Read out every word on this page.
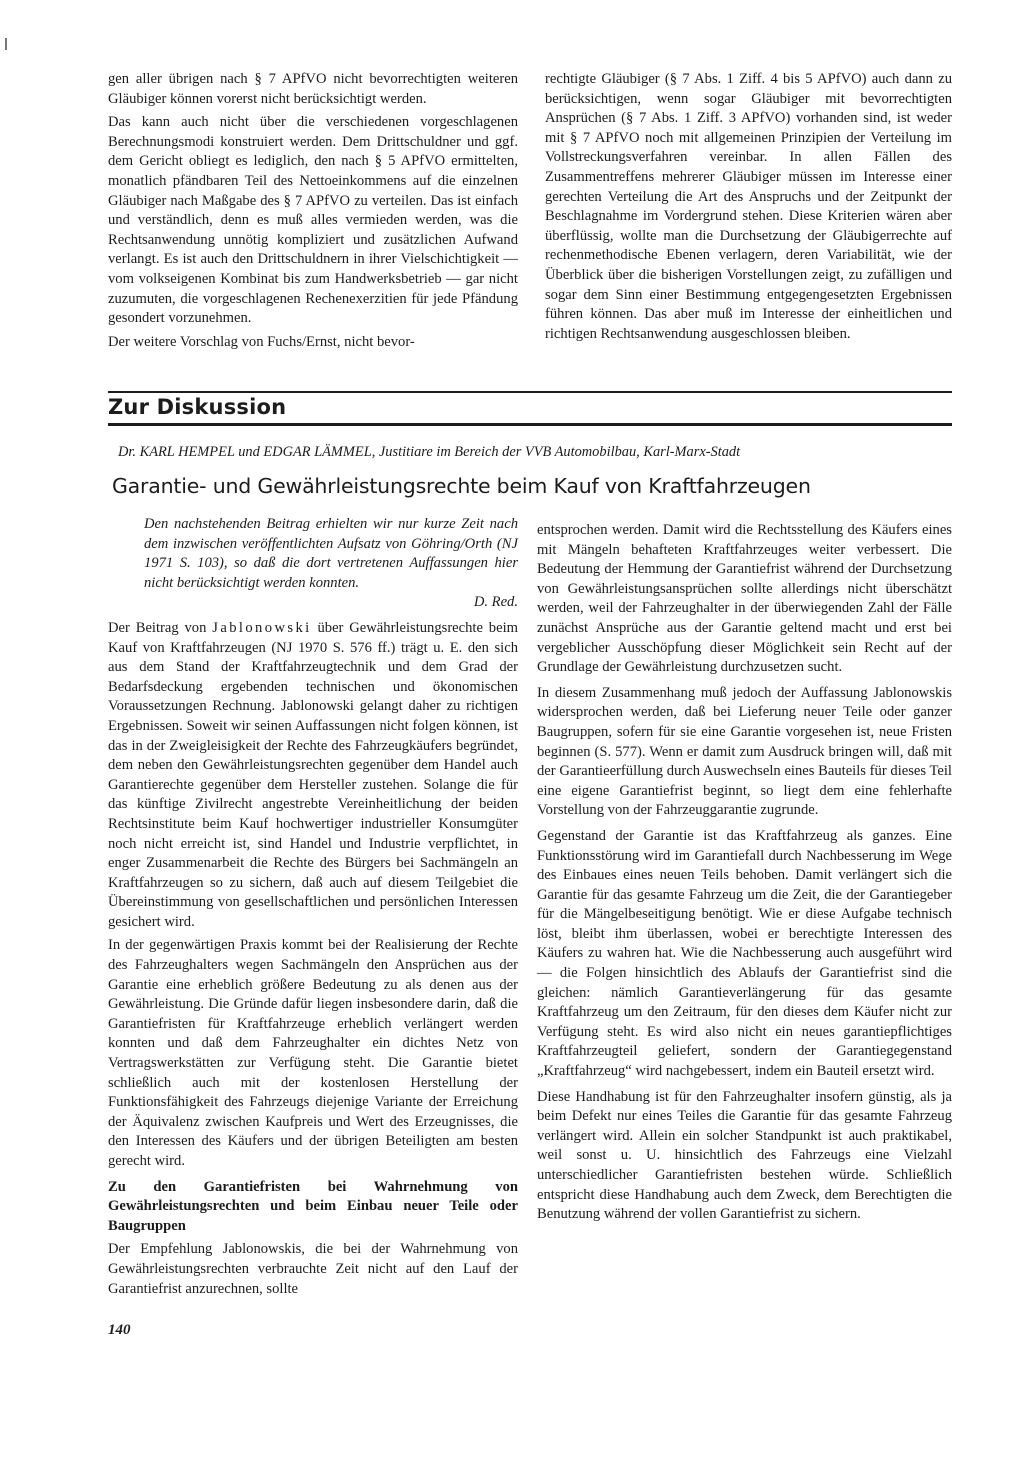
gen aller übrigen nach § 7 APfVO nicht bevorrechtigten weiteren Gläubiger können vorerst nicht berücksichtigt werden.

Das kann auch nicht über die verschiedenen vorgeschlagenen Berechnungsmodi konstruiert werden. Dem Drittschuldner und ggf. dem Gericht obliegt es lediglich, den nach § 5 APfVO ermittelten, monatlich pfändbaren Teil des Nettoeinkommens auf die einzelnen Gläubiger nach Maßgabe des § 7 APfVO zu verteilen. Das ist einfach und verständlich, denn es muß alles vermieden werden, was die Rechtsanwendung unnötig kompliziert und zusätzlichen Aufwand verlangt. Es ist auch den Drittschuldnern in ihrer Vielschichtigkeit — vom volkseigenen Kombinat bis zum Handwerksbetrieb — gar nicht zuzumuten, die vorgeschlagenen Rechenexerzitien für jede Pfändung gesondert vorzunehmen.

Der weitere Vorschlag von Fuchs/Ernst, nicht bevor-

rechtigte Gläubiger (§ 7 Abs. 1 Ziff. 4 bis 5 APfVO) auch dann zu berücksichtigen, wenn sogar Gläubiger mit bevorrechtigten Ansprüchen (§ 7 Abs. 1 Ziff. 3 APfVO) vorhanden sind, ist weder mit § 7 APfVO noch mit allgemeinen Prinzipien der Verteilung im Vollstreckungsverfahren vereinbar. In allen Fällen des Zusammentreffens mehrerer Gläubiger müssen im Interesse einer gerechten Verteilung die Art des Anspruchs und der Zeitpunkt der Beschlagnahme im Vordergrund stehen. Diese Kriterien wären aber überflüssig, wollte man die Durchsetzung der Gläubigerrechte auf rechenmethodische Ebenen verlagern, deren Variabilität, wie der Überblick über die bisherigen Vorstellungen zeigt, zu zufälligen und sogar dem Sinn einer Bestimmung entgegengesetzten Ergebnissen führen können. Das aber muß im Interesse der einheitlichen und richtigen Rechtsanwendung ausgeschlossen bleiben.

Zur Diskussion
Dr. KARL HEMPEL und EDGAR LÄMMEL, Justitiare im Bereich der VVB Automobilbau, Karl-Marx-Stadt
Garantie- und Gewährleistungsrechte beim Kauf von Kraftfahrzeugen

Den nachstehenden Beitrag erhielten wir nur kurze Zeit nach dem inzwischen veröffentlichten Aufsatz von Göhring/Orth (NJ 1971 S. 103), so daß die dort vertretenen Auffassungen hier nicht berücksichtigt werden konnten.
D. Red.

Der Beitrag von Jablonowski über Gewährleistungsrechte beim Kauf von Kraftfahrzeugen (NJ 1970 S. 576 ff.) trägt u. E. den sich aus dem Stand der Kraftfahrzeugtechnik und dem Grad der Bedarfsdeckung ergebenden technischen und ökonomischen Voraussetzungen Rechnung. Jablonowski gelangt daher zu richtigen Ergebnissen. Soweit wir seinen Auffassungen nicht folgen können, ist das in der Zweigleisigkeit der Rechte des Fahrzeugkäufers begründet, dem neben den Gewährleistungsrechten gegenüber dem Handel auch Garantierechte gegenüber dem Hersteller zustehen. Solange die für das künftige Zivilrecht angestrebte Vereinheitlichung der beiden Rechtsinstitute beim Kauf hochwertiger industrieller Konsumgüter noch nicht erreicht ist, sind Handel und Industrie verpflichtet, in enger Zusammenarbeit die Rechte des Bürgers bei Sachmängeln an Kraftfahrzeugen so zu sichern, daß auch auf diesem Teilgebiet die Übereinstimmung von gesellschaftlichen und persönlichen Interessen gesichert wird.

In der gegenwärtigen Praxis kommt bei der Realisierung der Rechte des Fahrzeughalters wegen Sachmängeln den Ansprüchen aus der Garantie eine erheblich größere Bedeutung zu als denen aus der Gewährleistung. Die Gründe dafür liegen insbesondere darin, daß die Garantiefristen für Kraftfahrzeuge erheblich verlängert werden konnten und daß dem Fahrzeughalter ein dichtes Netz von Vertragswerkstätten zur Verfügung steht. Die Garantie bietet schließlich auch mit der kostenlosen Herstellung der Funktionsfähigkeit des Fahrzeugs diejenige Variante der Erreichung der Äquivalenz zwischen Kaufpreis und Wert des Erzeugnisses, die den Interessen des Käufers und der übrigen Beteiligten am besten gerecht wird.

Zu den Garantiefristen bei Wahrnehmung von Gewährleistungsrechten und beim Einbau neuer Teile oder Baugruppen

Der Empfehlung Jablonowskis, die bei der Wahrnehmung von Gewährleistungsrechten verbrauchte Zeit nicht auf den Lauf der Garantiefrist anzurechnen, sollte

entsprochen werden. Damit wird die Rechtsstellung des Käufers eines mit Mängeln behafteten Kraftfahrzeuges weiter verbessert. Die Bedeutung der Hemmung der Garantiefrist während der Durchsetzung von Gewährleistungsansprüchen sollte allerdings nicht überschätzt werden, weil der Fahrzeughalter in der überwiegenden Zahl der Fälle zunächst Ansprüche aus der Garantie geltend macht und erst bei vergeblicher Ausschöpfung dieser Möglichkeit sein Recht auf der Grundlage der Gewährleistung durchzusetzen sucht.

In diesem Zusammenhang muß jedoch der Auffassung Jablonowskis widersprochen werden, daß bei Lieferung neuer Teile oder ganzer Baugruppen, sofern für sie eine Garantie vorgesehen ist, neue Fristen beginnen (S. 577). Wenn er damit zum Ausdruck bringen will, daß mit der Garantieerfüllung durch Auswechseln eines Bauteils für dieses Teil eine eigene Garantiefrist beginnt, so liegt dem eine fehlerhafte Vorstellung von der Fahrzeuggarantie zugrunde.

Gegenstand der Garantie ist das Kraftfahrzeug als ganzes. Eine Funktionsstörung wird im Garantiefall durch Nachbesserung im Wege des Einbaues eines neuen Teils behoben. Damit verlängert sich die Garantie für das gesamte Fahrzeug um die Zeit, die der Garantiegeber für die Mängelbeseitigung benötigt. Wie er diese Aufgabe technisch löst, bleibt ihm überlassen, wobei er berechtigte Interessen des Käufers zu wahren hat. Wie die Nachbesserung auch ausgeführt wird — die Folgen hinsichtlich des Ablaufs der Garantiefrist sind die gleichen: nämlich Garantieverlängerung für das gesamte Kraftfahrzeug um den Zeitraum, für den dieses dem Käufer nicht zur Verfügung steht. Es wird also nicht ein neues garantiepflichtiges Kraftfahrzeugteil geliefert, sondern der Garantiegegenstand „Kraftfahrzeug“ wird nachgebessert, indem ein Bauteil ersetzt wird.

Diese Handhabung ist für den Fahrzeughalter insofern günstig, als ja beim Defekt nur eines Teiles die Garantie für das gesamte Fahrzeug verlängert wird. Allein ein solcher Standpunkt ist auch praktikabel, weil sonst u. U. hinsichtlich des Fahrzeugs eine Vielzahl unterschiedlicher Garantiefristen bestehen würde. Schließlich entspricht diese Handhabung auch dem Zweck, dem Berechtigten die Benutzung während der vollen Garantiefrist zu sichern.

140
